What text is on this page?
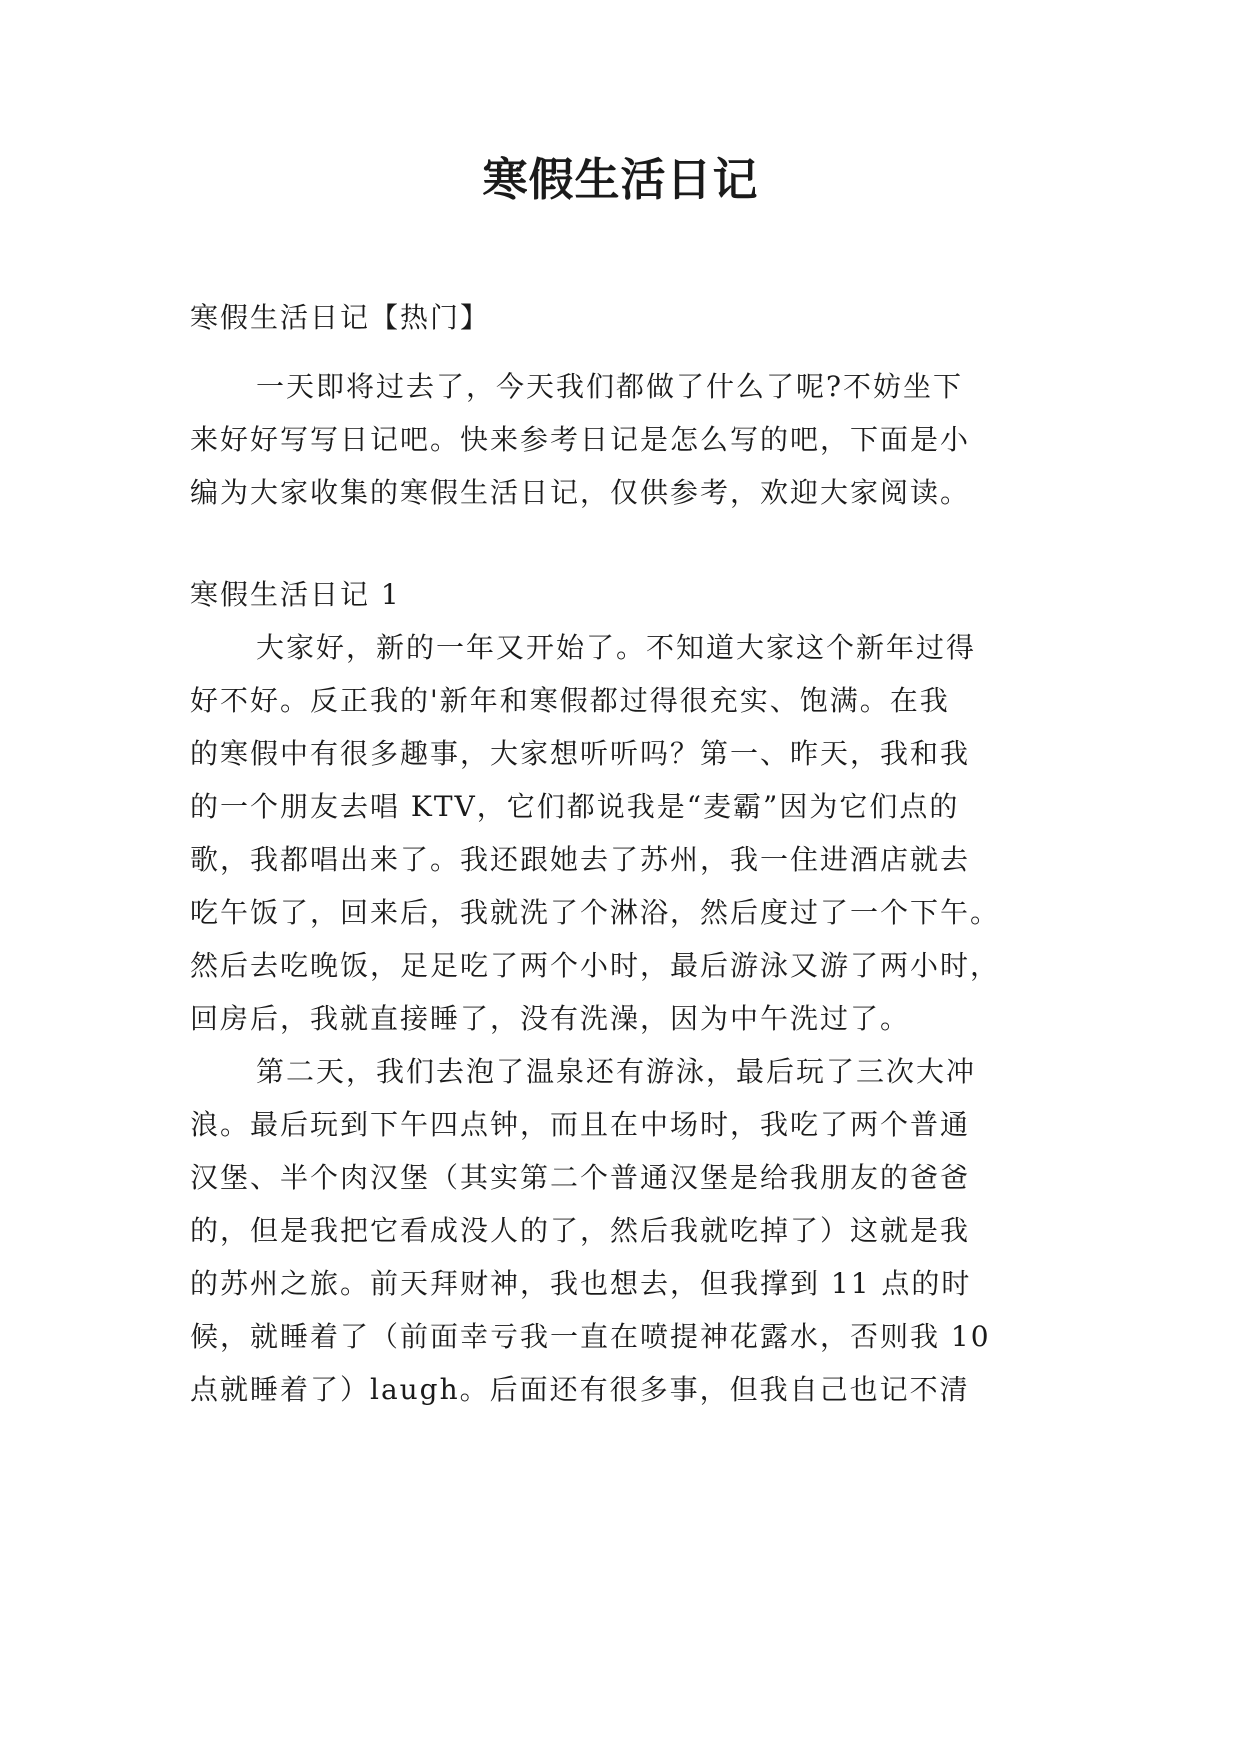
寒假生活日记

寒假生活日记【热门】

一天即将过去了，今天我们都做了什么了呢?不妨坐下

来好好写写日记吧。快来参考日记是怎么写的吧，下面是小

编为大家收集的寒假生活日记，仅供参考，欢迎大家阅读。

寒假生活日记 1

大家好，新的一年又开始了。不知道大家这个新年过得

好不好。反正我的'新年和寒假都过得很充实、饱满。在我

的寒假中有很多趣事，大家想听听吗？第一、昨天，我和我

的一个朋友去唱 KTV，它们都说我是“麦霸”因为它们点的

歌，我都唱出来了。我还跟她去了苏州，我一住进酒店就去

吃午饭了，回来后，我就洗了个淋浴，然后度过了一个下午。

然后去吃晚饭，足足吃了两个小时，最后游泳又游了两小时，

回房后，我就直接睡了，没有洗澡，因为中午洗过了。

第二天，我们去泡了温泉还有游泳，最后玩了三次大冲

浪。最后玩到下午四点钟，而且在中场时，我吃了两个普通

汉堡、半个肉汉堡（其实第二个普通汉堡是给我朋友的爸爸

的，但是我把它看成没人的了，然后我就吃掉了）这就是我

的苏州之旅。前天拜财神，我也想去，但我撑到 11 点的时

候，就睡着了（前面幸亏我一直在喷提神花露水，否则我 10

点就睡着了）laugh。后面还有很多事，但我自己也记不清
